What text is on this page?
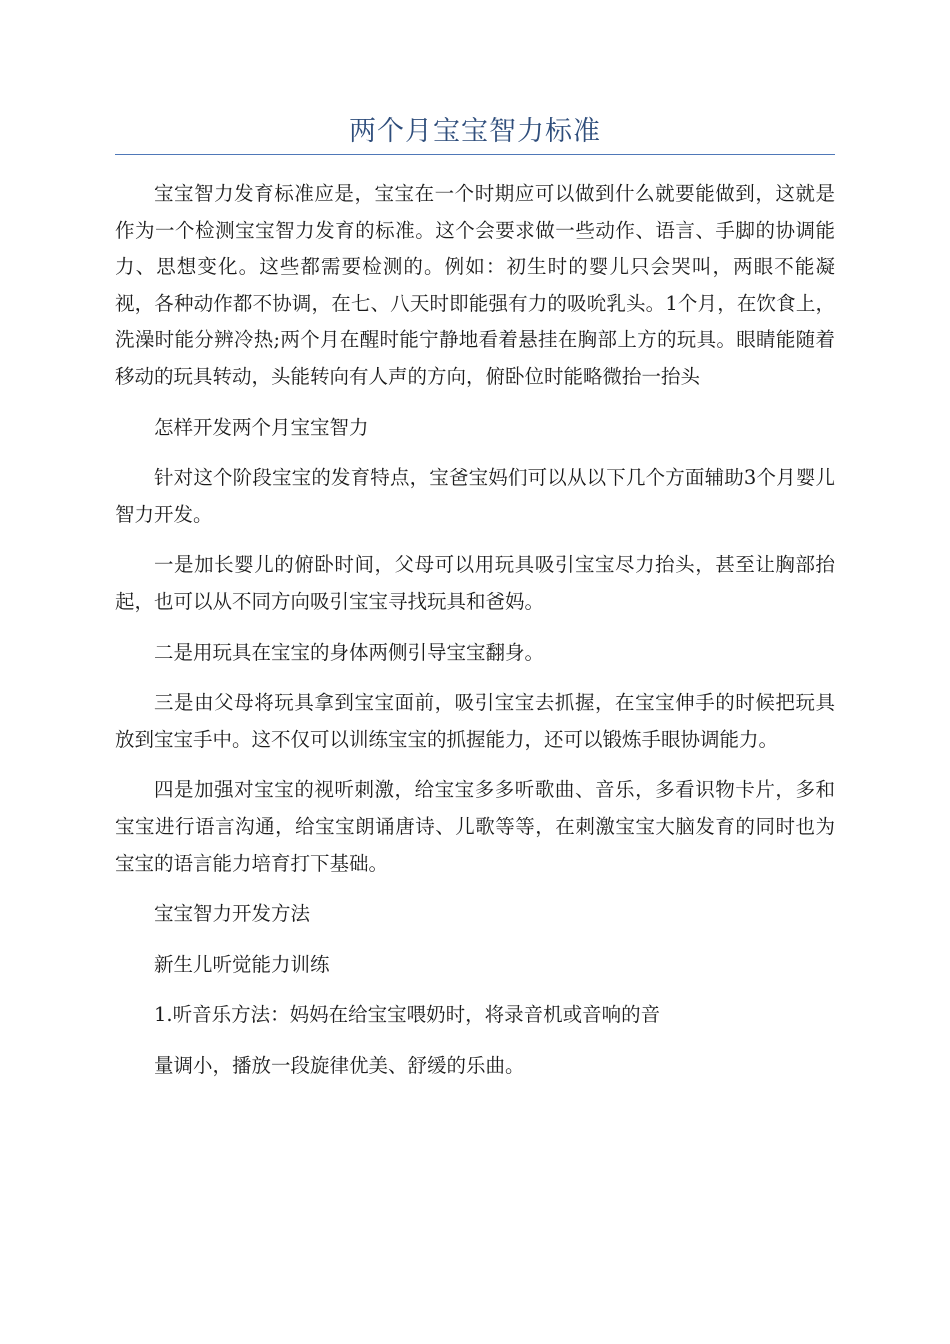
两个月宝宝智力标准

宝宝智力发育标准应是，宝宝在一个时期应可以做到什么就要能做到，这就是作为一个检测宝宝智力发育的标准。这个会要求做一些动作、语言、手脚的协调能力、思想变化。这些都需要检测的。例如：初生时的婴儿只会哭叫，两眼不能凝视，各种动作都不协调，在七、八天时即能强有力的吸吮乳头。1个月，在饮食上，洗澡时能分辨冷热;两个月在醒时能宁静地看着悬挂在胸部上方的玩具。眼睛能随着移动的玩具转动，头能转向有人声的方向，俯卧位时能略微抬一抬头

怎样开发两个月宝宝智力

针对这个阶段宝宝的发育特点，宝爸宝妈们可以从以下几个方面辅助3个月婴儿智力开发。

一是加长婴儿的俯卧时间，父母可以用玩具吸引宝宝尽力抬头，甚至让胸部抬起，也可以从不同方向吸引宝宝寻找玩具和爸妈。

二是用玩具在宝宝的身体两侧引导宝宝翻身。

三是由父母将玩具拿到宝宝面前，吸引宝宝去抓握，在宝宝伸手的时候把玩具放到宝宝手中。这不仅可以训练宝宝的抓握能力，还可以锻炼手眼协调能力。

四是加强对宝宝的视听刺激，给宝宝多多听歌曲、音乐，多看识物卡片，多和宝宝进行语言沟通，给宝宝朗诵唐诗、儿歌等等，在刺激宝宝大脑发育的同时也为宝宝的语言能力培育打下基础。

宝宝智力开发方法

新生儿听觉能力训练

1.听音乐方法：妈妈在给宝宝喂奶时，将录音机或音响的音

量调小，播放一段旋律优美、舒缓的乐曲。
